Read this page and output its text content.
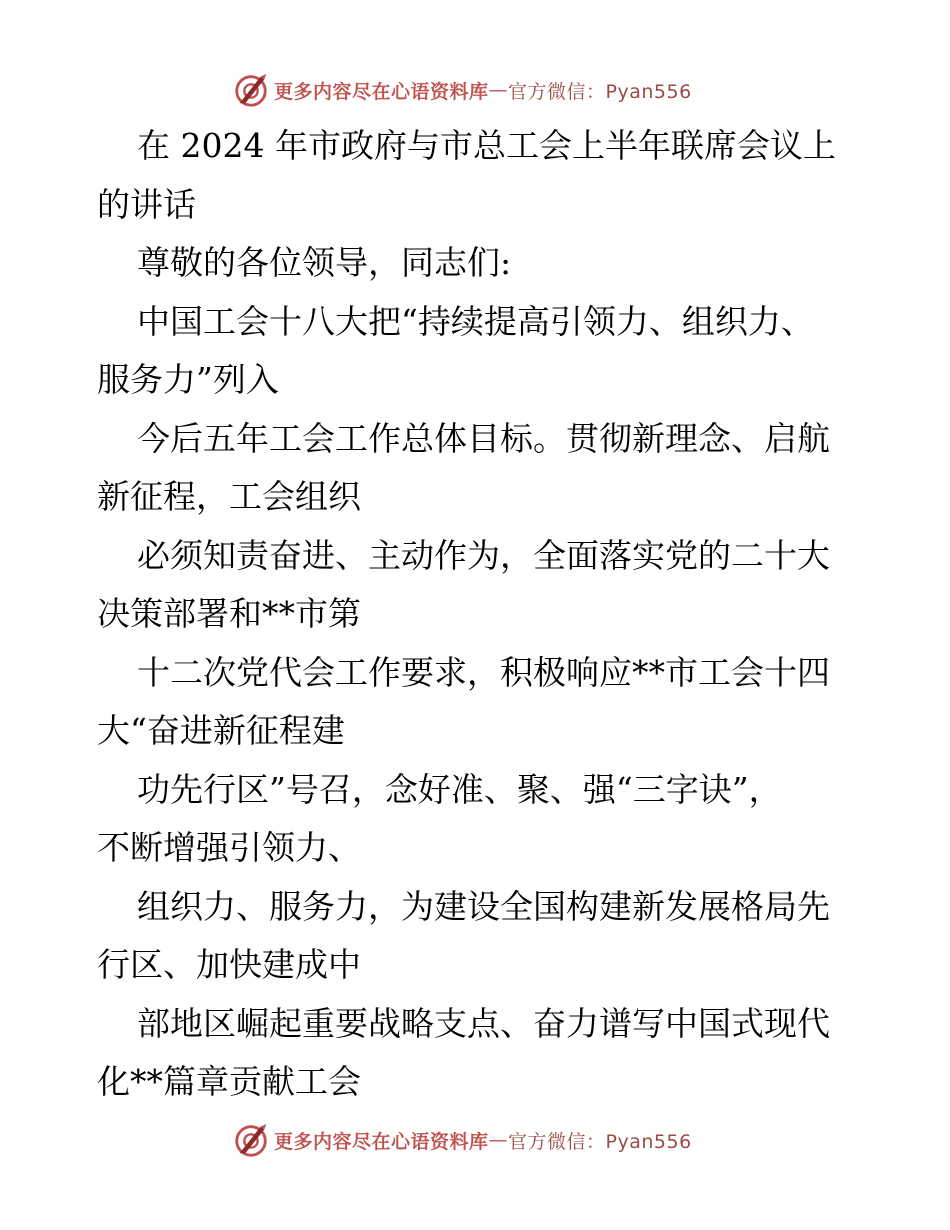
更多内容尽在心语资料库 — 官方微信：Pyan556
在 2024 年市政府与市总工会上半年联席会议上
的讲话
尊敬的各位领导，同志们:
中国工会十八大把“持续提高引领力、组织力、
服务力”列入
今后五年工会工作总体目标。贯彻新理念、启航
新征程，工会组织
必须知责奋进、主动作为，全面落实党的二十大
决策部署和**市第
十二次党代会工作要求，积极响应**市工会十四
大“奋进新征程建
功先行区”号召，念好准、聚、强“三字诀”，
不断增强引领力、
组织力、服务力，为建设全国构建新发展格局先
行区、加快建成中
部地区崛起重要战略支点、奋力谱写中国式现代
化**篇章贡献工会
更多内容尽在心语资料库 — 官方微信：Pyan556
